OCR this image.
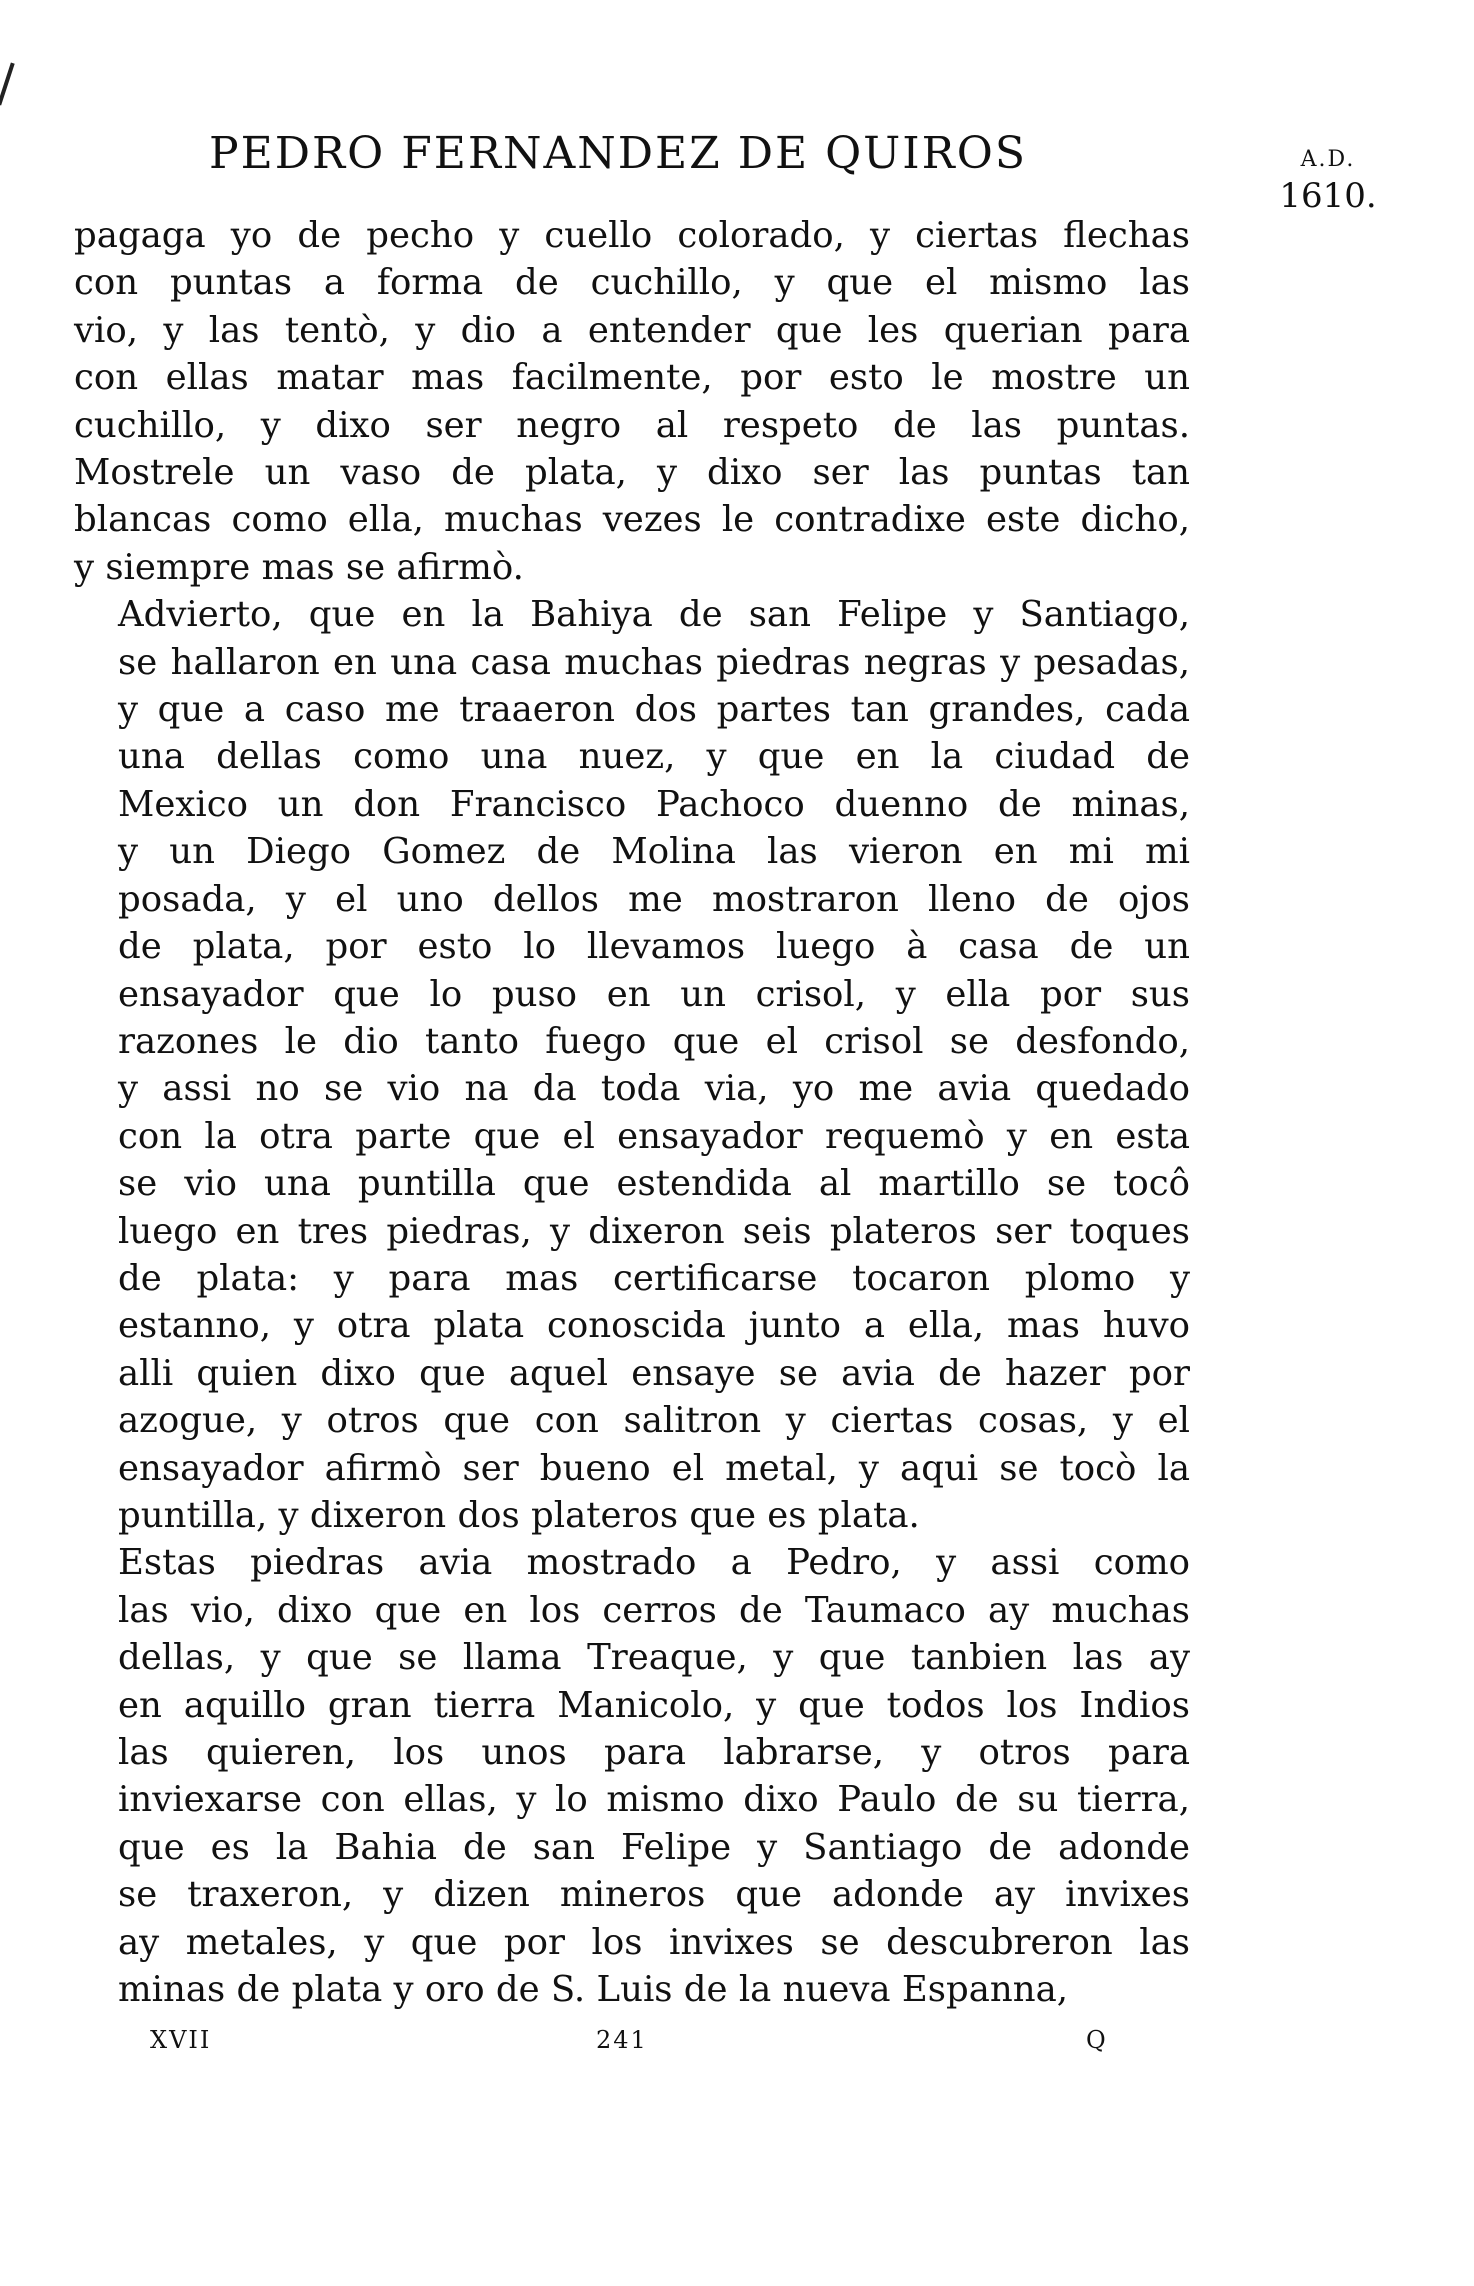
PEDRO FERNANDEZ DE QUIROS	A.D.
1610.
pagaga yo de pecho y cuello colorado, y ciertas flechas
con puntas a forma de cuchillo, y que el mismo las
vio, y las tentò, y dio a entender que les querian para
con ellas matar mas facilmente, por esto le mostre un
cuchillo, y dixo ser negro al respeto de las puntas.
Mostrele un vaso de plata, y dixo ser las puntas tan
blancas como ella, muchas vezes le contradixe este dicho,
y siempre mas se afirmò.
Advierto, que en la Bahiya de san Felipe y Santiago,
se hallaron en una casa muchas piedras negras y pesadas,
y que a caso me traaeron dos partes tan grandes, cada
una dellas como una nuez, y que en la ciudad de
Mexico un don Francisco Pachoco duenno de minas,
y un Diego Gomez de Molina las vieron en mi mi
posada, y el uno dellos me mostraron lleno de ojos
de plata, por esto lo llevamos luego à casa de un
ensayador que lo puso en un crisol, y ella por sus
razones le dio tanto fuego que el crisol se desfondo,
y assi no se vio na da toda via, yo me avia quedado
con la otra parte que el ensayador requemò y en esta
se vio una puntilla que estendida al martillo se tocô
luego en tres piedras, y dixeron seis plateros ser toques
de plata: y para mas certificarse tocaron plomo y
estanno, y otra plata conoscida junto a ella, mas huvo
alli quien dixo que aquel ensaye se avia de hazer por
azogue, y otros que con salitron y ciertas cosas, y el
ensayador afirmò ser bueno el metal, y aqui se tocò la
puntilla, y dixeron dos plateros que es plata.
Estas piedras avia mostrado a Pedro, y assi como
las vio, dixo que en los cerros de Taumaco ay muchas
dellas, y que se llama Treaque, y que tanbien las ay
en aquillo gran tierra Manicolo, y que todos los Indios
las quieren, los unos para labrarse, y otros para
inviexarse con ellas, y lo mismo dixo Paulo de su tierra,
que es la Bahia de san Felipe y Santiago de adonde
se traxeron, y dizen mineros que adonde ay invixes
ay metales, y que por los invixes se descubreron las
minas de plata y oro de S. Luis de la nueva Espanna,
XVII	241	Q
